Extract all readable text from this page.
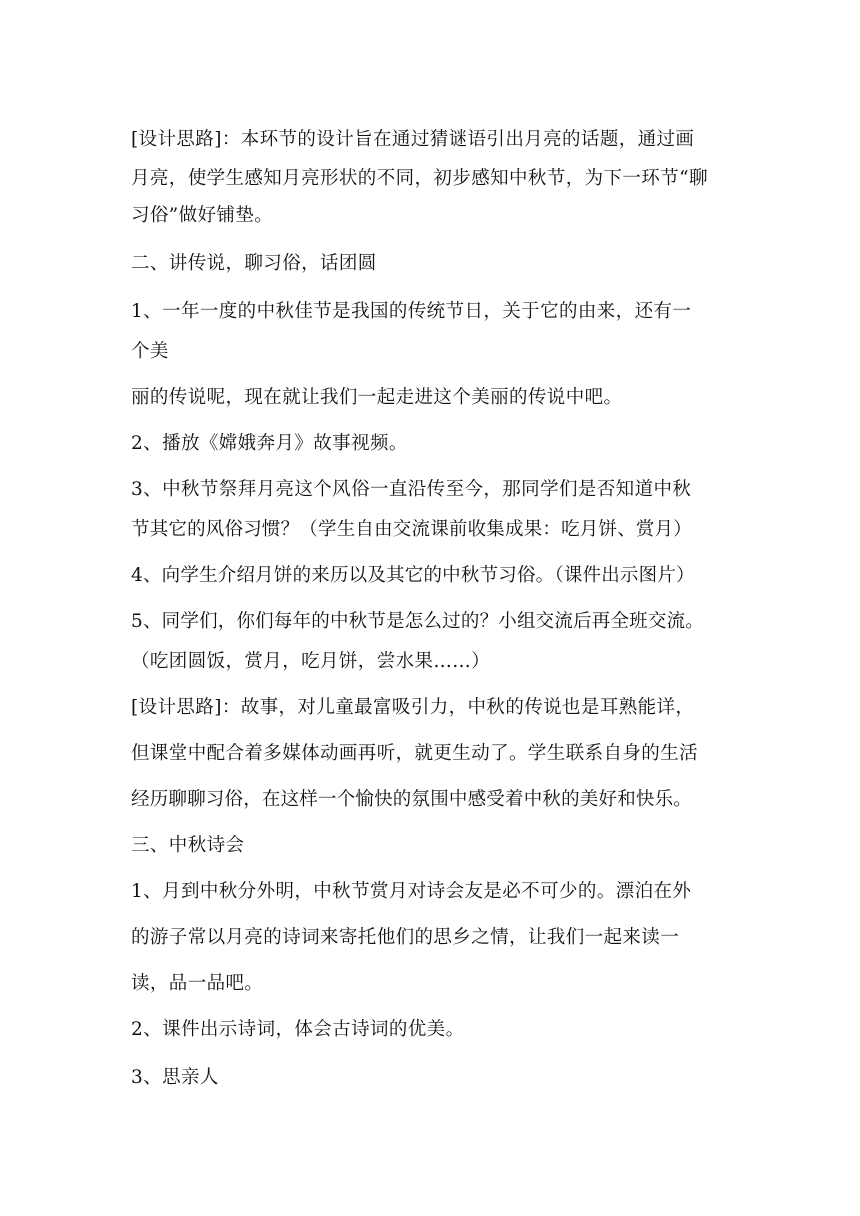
[设计思路]：本环节的设计旨在通过猜谜语引出月亮的话题，通过画
月亮，使学生感知月亮形状的不同，初步感知中秋节，为下一环节“聊
习俗”做好铺垫。
二、讲传说，聊习俗，话团圆
1、一年一度的中秋佳节是我国的传统节日，关于它的由来，还有一
个美
丽的传说呢，现在就让我们一起走进这个美丽的传说中吧。
2、播放《嫦娥奔月》故事视频。
3、中秋节祭拜月亮这个风俗一直沿传至今，那同学们是否知道中秋
节其它的风俗习惯？（学生自由交流课前收集成果：吃月饼、赏月）
4、向学生介绍月饼的来历以及其它的中秋节习俗。（课件出示图片）
5、同学们，你们每年的中秋节是怎么过的？小组交流后再全班交流。
（吃团圆饭，赏月，吃月饼，尝水果……）
[设计思路]：故事，对儿童最富吸引力，中秋的传说也是耳熟能详，
但课堂中配合着多媒体动画再听，就更生动了。学生联系自身的生活
经历聊聊习俗，在这样一个愉快的氛围中感受着中秋的美好和快乐。
三、中秋诗会
1、月到中秋分外明，中秋节赏月对诗会友是必不可少的。漂泊在外
的游子常以月亮的诗词来寄托他们的思乡之情，让我们一起来读一
读，品一品吧。
2、课件出示诗词，体会古诗词的优美。
3、思亲人
